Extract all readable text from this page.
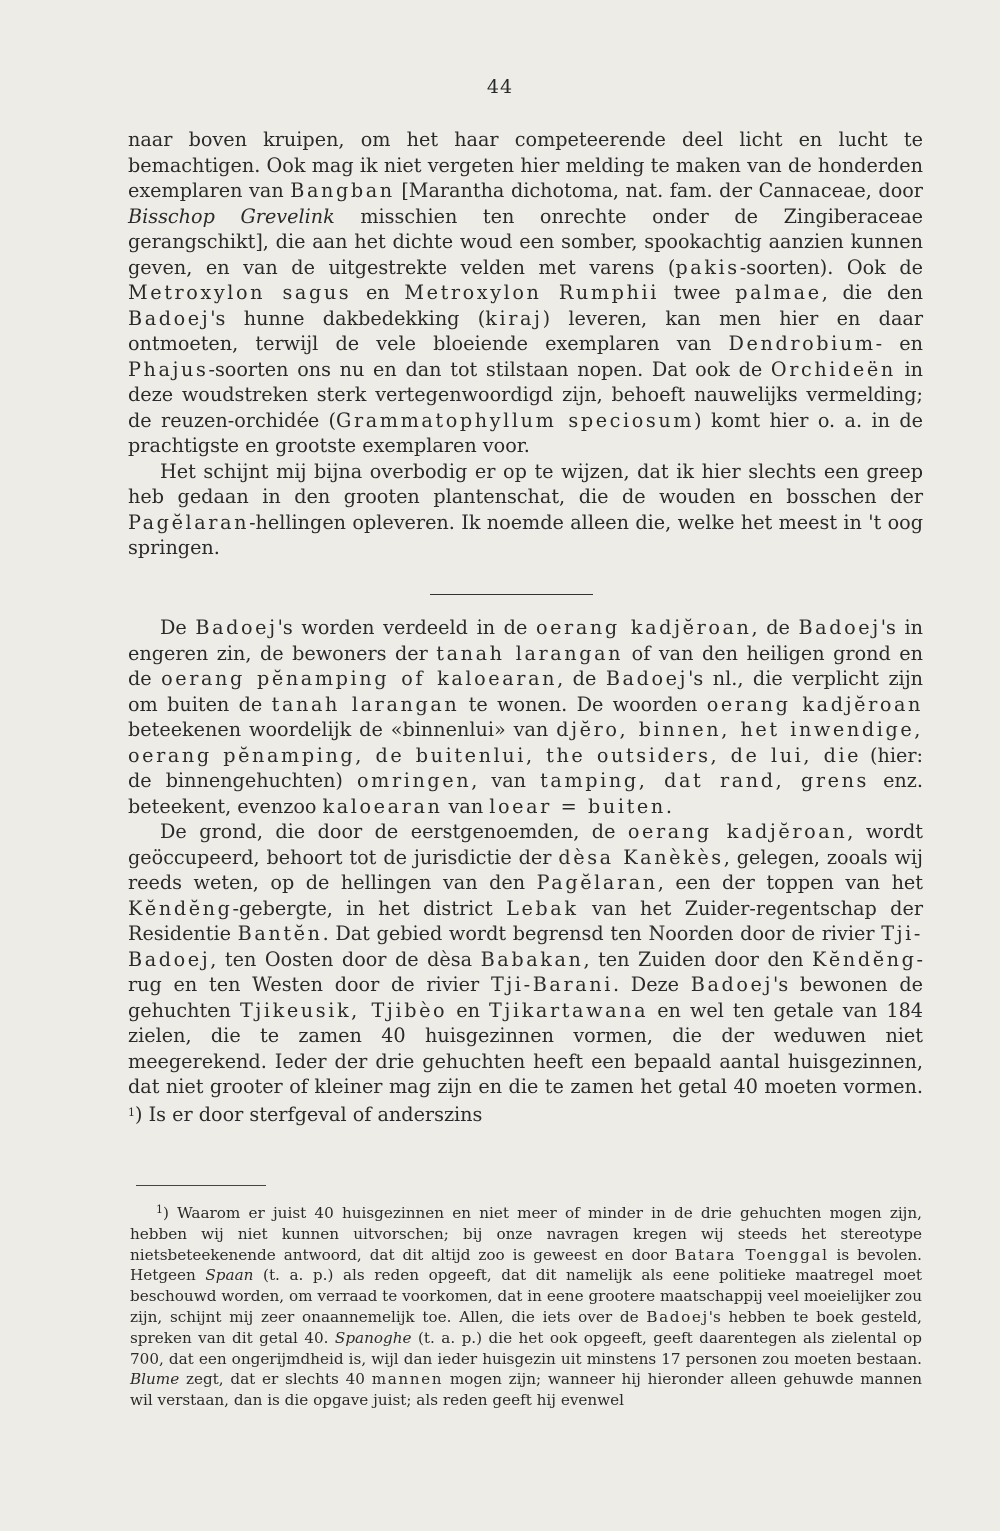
44

naar boven kruipen, om het haar competeerende deel licht en lucht te bemachtigen. Ook mag ik niet vergeten hier melding te maken van de honderden exemplaren van Bangban [Marantha dichotoma, nat. fam. der Cannaceae, door Bisschop Grevelink misschien ten onrechte onder de Zingiberaceae gerangschikt], die aan het dichte woud een somber, spookachtig aanzien kunnen geven, en van de uitgestrekte velden met varens (pakis-soorten). Ook de Metroxylon sagus en Metroxylon Rumphii twee palmae, die den Badoej's hunne dakbedekking (kiraj) leveren, kan men hier en daar ontmoeten, terwijl de vele bloeiende exemplaren van Dendrobium- en Phajus-soorten ons nu en dan tot stilstaan nopen. Dat ook de Orchideën in deze woudstreken sterk vertegenwoordigd zijn, behoeft nauwelijks vermelding; de reuzen-orchidée (Grammatophyllum speciosum) komt hier o. a. in de prachtigste en grootste exemplaren voor.

Het schijnt mij bijna overbodig er op te wijzen, dat ik hier slechts een greep heb gedaan in den grooten plantenschat, die de wouden en bosschen der Pagĕlaran-hellingen opleveren. Ik noemde alleen die, welke het meest in 't oog springen.

De Badoej's worden verdeeld in de oerang kadjĕroan, de Badoej's in engeren zin, de bewoners der tanah larangan of van den heiligen grond en de oerang pĕnamping of kaloearan, de Badoej's nl., die verplicht zijn om buiten de tanah larangan te wonen. De woorden oerang kadjĕroan beteekenen woordelijk de «binnenlui» van djĕro, binnen, het inwendige, oerang pĕnamping, de buitenlui, the outsiders, de lui, die (hier: de binnengehuchten) omringen, van tamping, dat rand, grens enz. beteekent, evenzoo kaloearan van loear = buiten.

De grond, die door de eerstgenoemden, de oerang kadjĕroan, wordt geöccupeerd, behoort tot de jurisdictie der dèsa Kanèkès, gelegen, zooals wij reeds weten, op de hellingen van den Pagĕlaran, een der toppen van het Kĕndĕng-gebergte, in het district Lebak van het Zuider-regentschap der Residentie Bantĕn. Dat gebied wordt begrensd ten Noorden door de rivier Tji-Badoej, ten Oosten door de dèsa Babakan, ten Zuiden door den Kĕndĕng-rug en ten Westen door de rivier Tji-Barani. Deze Badoej's bewonen de gehuchten Tjikeusik, Tjibèo en Tjikartawana en wel ten getale van 184 zielen, die te zamen 40 huisgezinnen vormen, die der weduwen niet meegerekend. Ieder der drie gehuchten heeft een bepaald aantal huisgezinnen, dat niet grooter of kleiner mag zijn en die te zamen het getal 40 moeten vormen. $^1$) Is er door sterfgeval of anderszins

$^1$) Waarom er juist 40 huisgezinnen en niet meer of minder in de drie gehuchten mogen zijn, hebben wij niet kunnen uitvorschen; bij onze navragen kregen wij steeds het stereotype nietsbeteekenende antwoord, dat dit altijd zoo is geweest en door Batara Toenggal is bevolen. Hetgeen Spaan (t. a. p.) als reden opgeeft, dat dit namelijk als eene politieke maatregel moet beschouwd worden, om verraad te voorkomen, dat in eene grootere maatschappij veel moeielijker zou zijn, schijnt mij zeer onaannemelijk toe. Allen, die iets over de Badoej's hebben te boek gesteld, spreken van dit getal 40. Spanoghe (t. a. p.) die het ook opgeeft, geeft daarentegen als zielental op 700, dat een ongerijmdheid is, wijl dan ieder huisgezin uit minstens 17 personen zou moeten bestaan. Blume zegt, dat er slechts 40 mannen mogen zijn; wanneer hij hieronder alleen gehuwde mannen wil verstaan, dan is die opgave juist; als reden geeft hij evenwel
